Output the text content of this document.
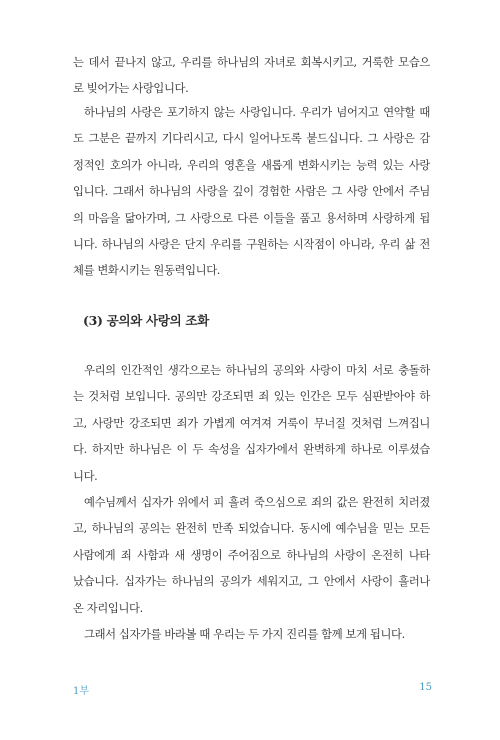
는 데서 끝나지 않고, 우리를 하나님의 자녀로 회복시키고, 거룩한 모습으
로 빚어가는 사랑입니다.
하나님의 사랑은 포기하지 않는 사랑입니다. 우리가 넘어지고 연약할 때
도 그분은 끝까지 기다리시고, 다시 일어나도록 붙드십니다. 그 사랑은 감
정적인 호의가 아니라, 우리의 영혼을 새롭게 변화시키는 능력 있는 사랑
입니다. 그래서 하나님의 사랑을 깊이 경험한 사람은 그 사랑 안에서 주님
의 마음을 닮아가며, 그 사랑으로 다른 이들을 품고 용서하며 사랑하게 됩
니다. 하나님의 사랑은 단지 우리를 구원하는 시작점이 아니라, 우리 삶 전
체를 변화시키는 원동력입니다.
(3) 공의와 사랑의 조화
우리의 인간적인 생각으로는 하나님의 공의와 사랑이 마치 서로 충돌하
는 것처럼 보입니다. 공의만 강조되면 죄 있는 인간은 모두 심판받아야 하
고, 사랑만 강조되면 죄가 가볍게 여겨져 거룩이 무너질 것처럼 느껴집니
다. 하지만 하나님은 이 두 속성을 십자가에서 완벽하게 하나로 이루셨습
니다.
예수님께서 십자가 위에서 피 흘려 죽으심으로 죄의 값은 완전히 치러졌
고, 하나님의 공의는 완전히 만족 되었습니다. 동시에 예수님을 믿는 모든
사람에게 죄 사함과 새 생명이 주어짐으로 하나님의 사랑이 온전히 나타
났습니다. 십자가는 하나님의 공의가 세워지고, 그 안에서 사랑이 흘러나
온 자리입니다.
그래서 십자가를 바라볼 때 우리는 두 가지 진리를 함께 보게 됩니다.
1부	15
